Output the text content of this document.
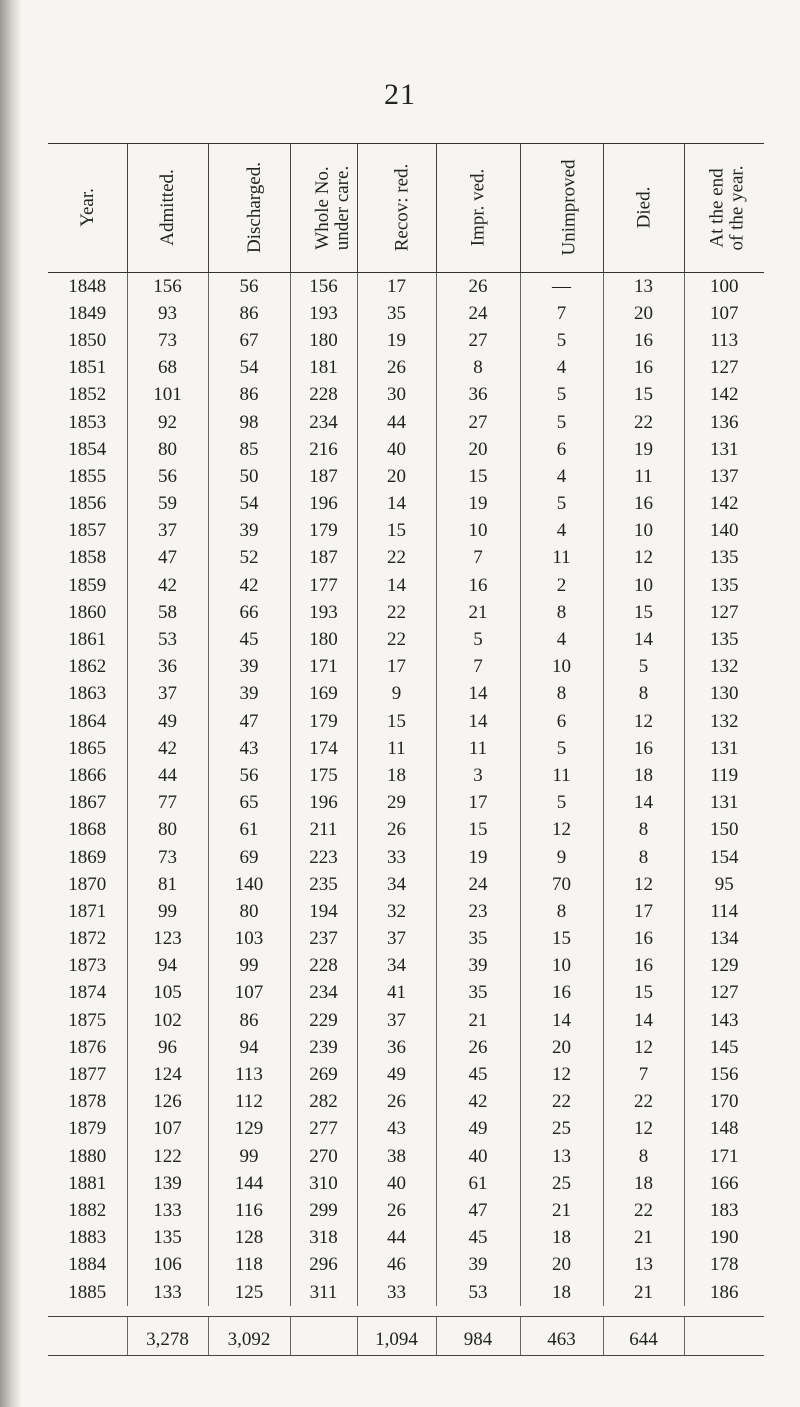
21
Year.	Admitted.	Discharged.	Whole No.
under care.	Recov: red.	Impr. ved.	Unimproved	Died.	At the end
of the year.
1848	156	56	156	17	26	—	13	100
1849	93	86	193	35	24	7	20	107
1850	73	67	180	19	27	5	16	113
1851	68	54	181	26	8	4	16	127
1852	101	86	228	30	36	5	15	142
1853	92	98	234	44	27	5	22	136
1854	80	85	216	40	20	6	19	131
1855	56	50	187	20	15	4	11	137
1856	59	54	196	14	19	5	16	142
1857	37	39	179	15	10	4	10	140
1858	47	52	187	22	7	11	12	135
1859	42	42	177	14	16	2	10	135
1860	58	66	193	22	21	8	15	127
1861	53	45	180	22	5	4	14	135
1862	36	39	171	17	7	10	5	132
1863	37	39	169	9	14	8	8	130
1864	49	47	179	15	14	6	12	132
1865	42	43	174	11	11	5	16	131
1866	44	56	175	18	3	11	18	119
1867	77	65	196	29	17	5	14	131
1868	80	61	211	26	15	12	8	150
1869	73	69	223	33	19	9	8	154
1870	81	140	235	34	24	70	12	95
1871	99	80	194	32	23	8	17	114
1872	123	103	237	37	35	15	16	134
1873	94	99	228	34	39	10	16	129
1874	105	107	234	41	35	16	15	127
1875	102	86	229	37	21	14	14	143
1876	96	94	239	36	26	20	12	145
1877	124	113	269	49	45	12	7	156
1878	126	112	282	26	42	22	22	170
1879	107	129	277	43	49	25	12	148
1880	122	99	270	38	40	13	8	171
1881	139	144	310	40	61	25	18	166
1882	133	116	299	26	47	21	22	183
1883	135	128	318	44	45	18	21	190
1884	106	118	296	46	39	20	13	178
1885	133	125	311	33	53	18	21	186

	3,278	3,092		1,094	984	463	644	
